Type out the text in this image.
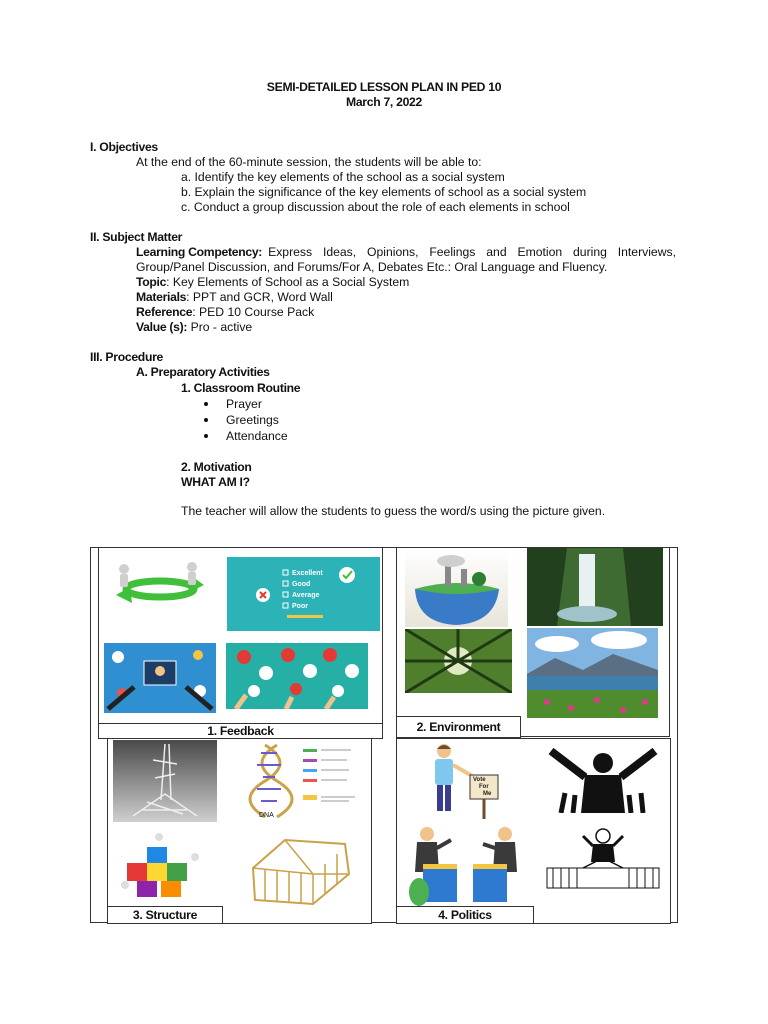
SEMI-DETAILED LESSON PLAN IN PED 10
March 7, 2022
I. Objectives
At the end of the 60-minute session, the students will be able to:
a. Identify the key elements of the school as a social system
b. Explain the significance of the key elements of school as a social system
c. Conduct a group discussion about the role of each elements in school
II. Subject Matter
Learning Competency: Express Ideas, Opinions, Feelings and Emotion during Interviews,
Group/Panel Discussion, and Forums/For A, Debates Etc.: Oral Language and Fluency.
Topic: Key Elements of School as a Social System
Materials: PPT and GCR, Word Wall
Reference: PED 10 Course Pack
Value (s): Pro - active
III. Procedure
A. Preparatory Activities
1. Classroom Routine
Prayer
Greetings
Attendance
2. Motivation
WHAT AM I?
The teacher will allow the students to guess the word/s using the picture given.
Excellent
Good
Average
Poor
1. Feedback	2. Environment
DNA
3. Structure
Vote
For
Me
4. Politics
